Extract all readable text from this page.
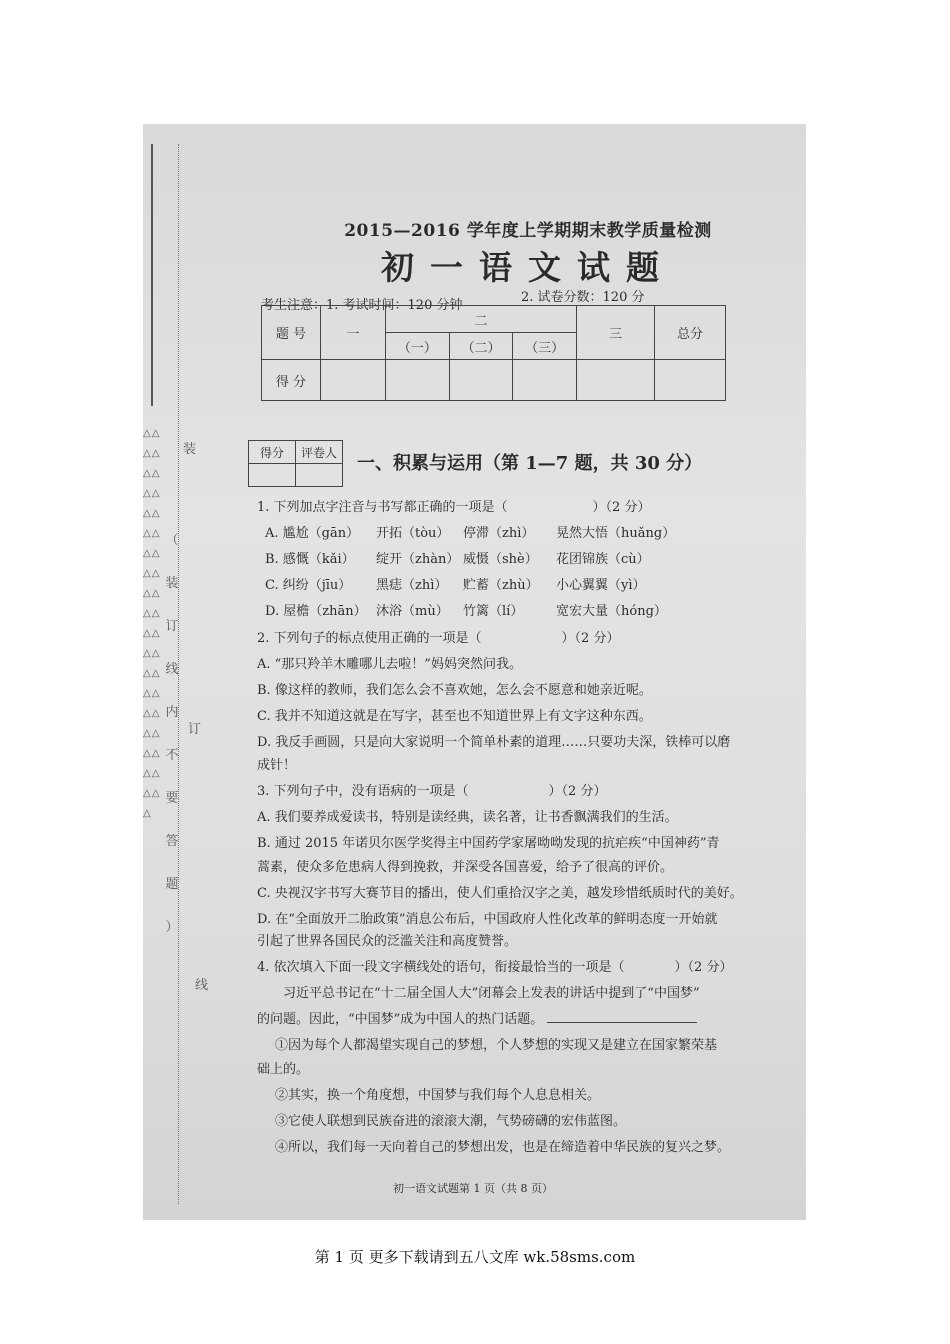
△ △ △ △ △ △ △ △ △ △ △ △ △ △ △ △ △ △ △ △ △ △ △ △ △ △ △ △ △ △ △ △ △ △ △ △ △ △ △
（
装
订
线
内
不
要
答
题
）
装
订
线
2015—2016 学年度上学期期末教学质量检测
初一语文试题
考生注意：1. 考试时间：120 分钟
2. 试卷分数：120 分
题 号	一	二			三	总分
		（一）	（二）	（三）		
得 分						
得分	评卷人

一、积累与运用（第 1—7 题，共 30 分）
1. 下列加点字注音与书写都正确的一项是（	）（2 分）
A. 尴尬（gān） 开拓（tòu） 停滞（zhì） 晃然大悟（huǎng）
B. 感慨（kǎi） 绽开（zhàn） 威慑（shè） 花团锦族（cù）
C. 纠纷（jīu） 黑痣（zhì） 贮蓄（zhù） 小心翼翼（yì）
D. 屋檐（zhān） 沐浴（mù） 竹篱（lí）	宽宏大量（hóng）
2. 下列句子的标点使用正确的一项是（	）（2 分）
A. “那只羚羊木雕哪儿去啦！”妈妈突然问我。
B. 像这样的教师，我们怎么会不喜欢她，怎么会不愿意和她亲近呢。
C. 我并不知道这就是在写字，甚至也不知道世界上有文字这种东西。
D. 我反手画圆，只是向大家说明一个简单朴素的道理……只要功夫深，铁棒可以磨
成针！
3. 下列句子中，没有语病的一项是（	）（2 分）
A. 我们要养成爱读书，特别是读经典，读名著，让书香飘满我们的生活。
B. 通过 2015 年诺贝尔医学奖得主中国药学家屠呦呦发现的抗疟疾“中国神药”青
蒿素，使众多危患病人得到挽救，并深受各国喜爱，给予了很高的评价。
C. 央视汉字书写大赛节目的播出，使人们重拾汉字之美，越发珍惜纸质时代的美好。
D. 在“全面放开二胎政策”消息公布后，中国政府人性化改革的鲜明态度一开始就
引起了世界各国民众的泛滥关注和高度赞誉。
4. 依次填入下面一段文字横线处的语句，衔接最恰当的一项是（	）（2 分）
习近平总书记在“十二届全国人大”闭幕会上发表的讲话中提到了“中国梦”
的问题。因此，“中国梦”成为中国人的热门话题。
①因为每个人都渴望实现自己的梦想，个人梦想的实现又是建立在国家繁荣基
础上的。
②其实，换一个角度想，中国梦与我们每个人息息相关。
③它使人联想到民族奋进的滚滚大潮，气势磅礴的宏伟蓝图。
④所以，我们每一天向着自己的梦想出发，也是在缔造着中华民族的复兴之梦。
初一语文试题第 1 页（共 8 页）
第 1 页 更多下载请到五八文库 wk.58sms.com
